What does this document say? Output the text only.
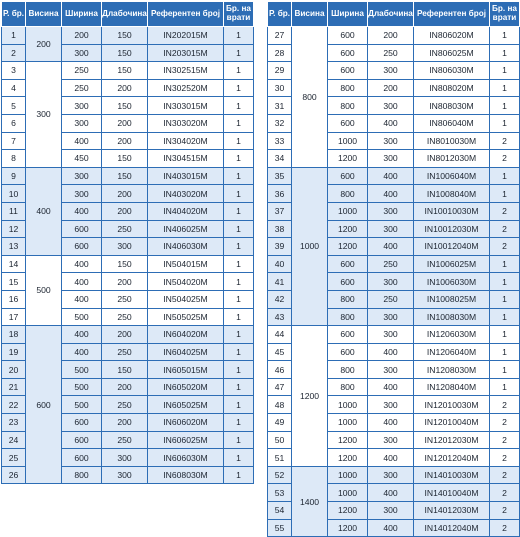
Р. бр.	Висина	Ширина	Длабочина	Референтен број	Бр. на врати
1	200	200	150	IN202015M	1
2		300	150	IN203015M	1
3	300	250	150	IN302515M	1
4		250	200	IN302520M	1
5		300	150	IN303015M	1
6		300	200	IN303020M	1
7		400	200	IN304020M	1
8		450	150	IN304515M	1
9	400	300	150	IN403015M	1
10		300	200	IN403020M	1
11		400	200	IN404020M	1
12		600	250	IN406025M	1
13		600	300	IN406030M	1
14	500	400	150	IN504015M	1
15		400	200	IN504020M	1
16		400	250	IN504025M	1
17		500	250	IN505025M	1
18	600	400	200	IN604020M	1
19		400	250	IN604025M	1
20		500	150	IN605015M	1
21		500	200	IN605020M	1
22		500	250	IN605025M	1
23		600	200	IN606020M	1
24		600	250	IN606025M	1
25		600	300	IN606030M	1
26		800	300	IN608030M	1
Р. бр.	Висина	Ширина	Длабочина	Референтен број	Бр. на врати
27	800	600	200	IN806020M	1
28		600	250	IN806025M	1
29		600	300	IN806030M	1
30		800	200	IN808020M	1
31		800	300	IN808030M	1
32		600	400	IN806040M	1
33		1000	300	IN8010030M	2
34		1200	300	IN8012030M	2
35	1000	600	400	IN1006040M	1
36		800	400	IN1008040M	1
37		1000	300	IN10010030M	2
38		1200	300	IN10012030M	2
39		1200	400	IN10012040M	2
40		600	250	IN1006025M	1
41		600	300	IN1006030M	1
42		800	250	IN1008025M	1
43		800	300	IN1008030M	1
44	1200	600	300	IN1206030M	1
45		600	400	IN1206040M	1
46		800	300	IN1208030M	1
47		800	400	IN1208040M	1
48		1000	300	IN12010030M	2
49		1000	400	IN12010040M	2
50		1200	300	IN12012030M	2
51		1200	400	IN12012040M	2
52	1400	1000	300	IN14010030M	2
53		1000	400	IN14010040M	2
54		1200	300	IN14012030M	2
55		1200	400	IN14012040M	2
